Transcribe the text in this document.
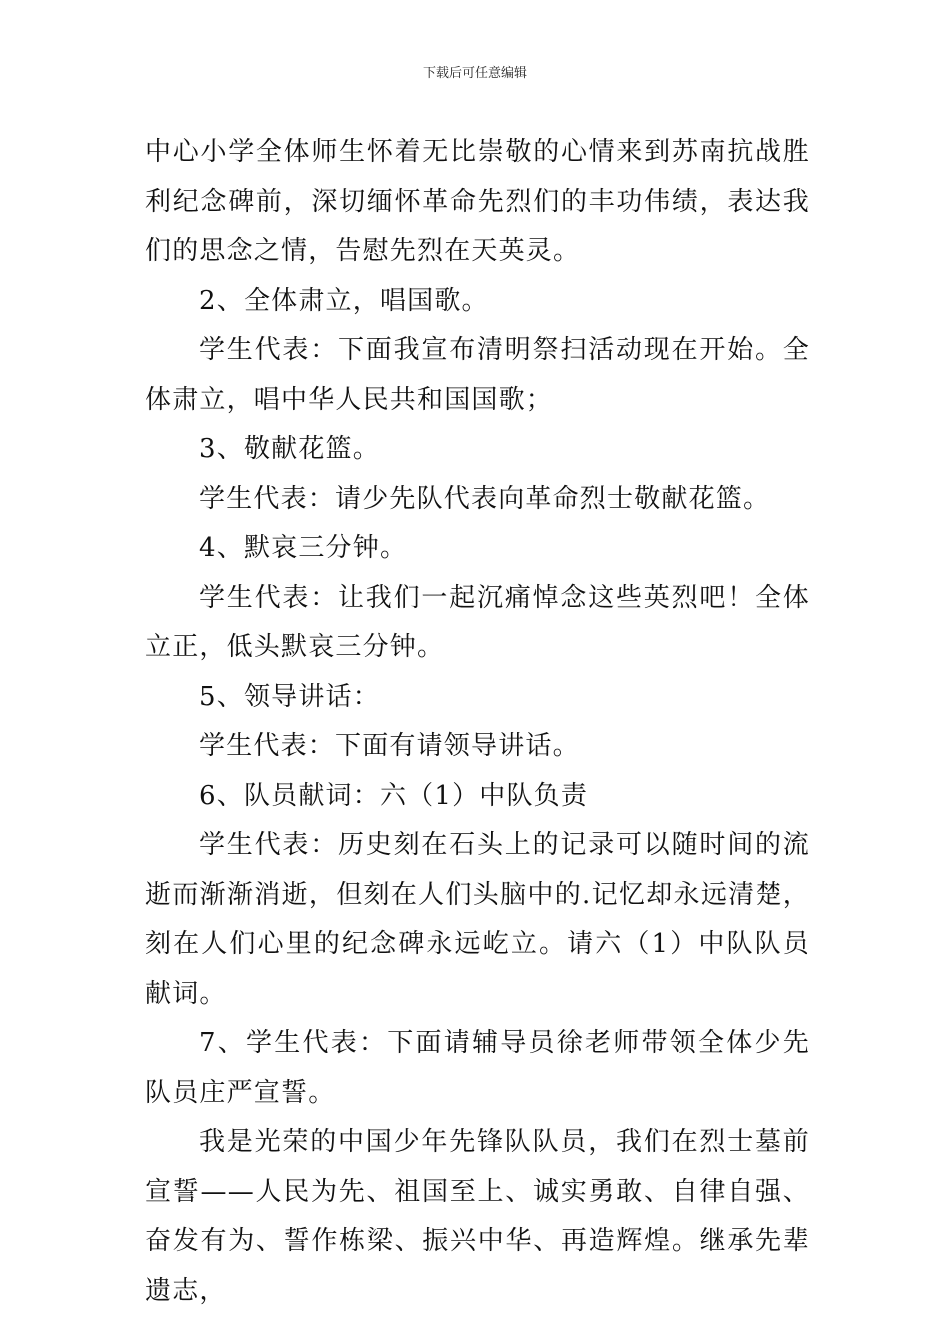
下载后可任意编辑

中心小学全体师生怀着无比崇敬的心情来到苏南抗战胜利纪念碑前，深切缅怀革命先烈们的丰功伟绩，表达我们的思念之情，告慰先烈在天英灵。

2、全体肃立，唱国歌。

学生代表：下面我宣布清明祭扫活动现在开始。全体肃立，唱中华人民共和国国歌；

3、敬献花篮。

学生代表：请少先队代表向革命烈士敬献花篮。

4、默哀三分钟。

学生代表：让我们一起沉痛悼念这些英烈吧！全体立正，低头默哀三分钟。

5、领导讲话：

学生代表：下面有请领导讲话。

6、队员献词：六（1）中队负责

学生代表：历史刻在石头上的记录可以随时间的流逝而渐渐消逝，但刻在人们头脑中的.记忆却永远清楚，刻在人们心里的纪念碑永远屹立。请六（1）中队队员献词。

7、学生代表：下面请辅导员徐老师带领全体少先队员庄严宣誓。

我是光荣的中国少年先锋队队员，我们在烈士墓前宣誓——人民为先、祖国至上、诚实勇敢、自律自强、奋发有为、誓作栋梁、振兴中华、再造辉煌。继承先辈遗志，
